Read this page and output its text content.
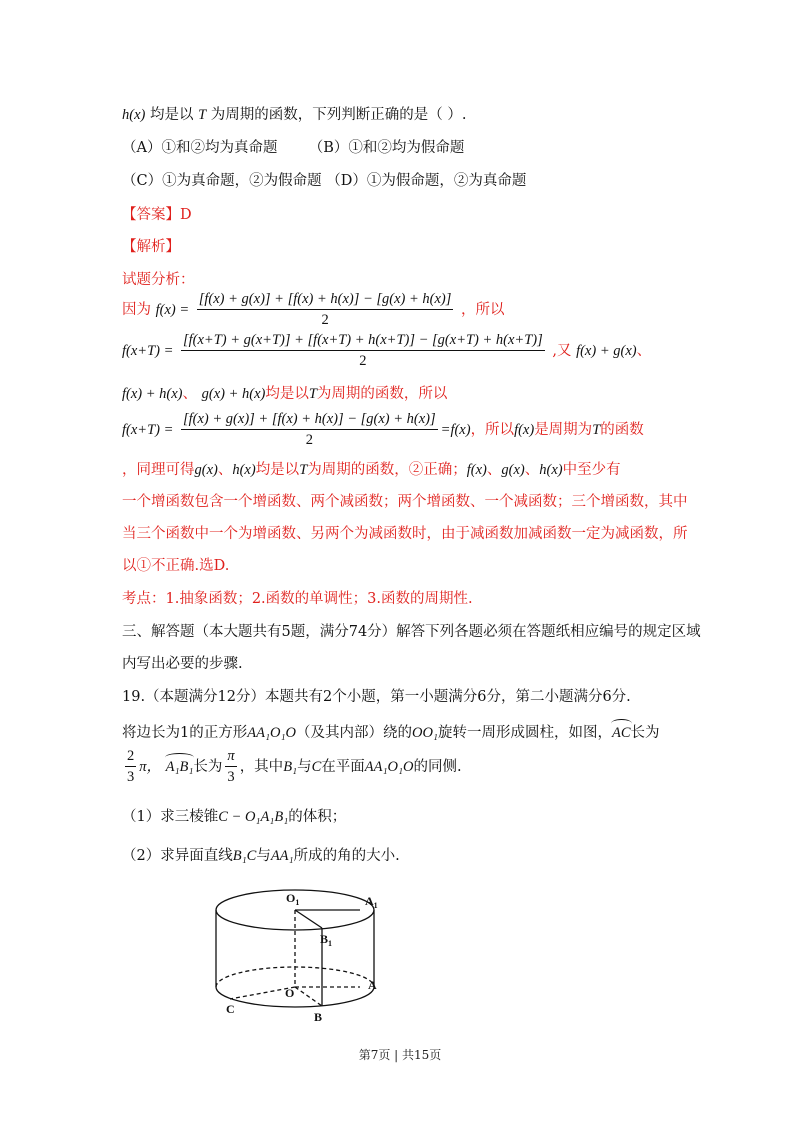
h(x) 均是以 T 为周期的函数，下列判断正确的是（ ）.
（A）①和②均为真命题 （B）①和②均为假命题
（C）①为真命题，②为假命题 （D）①为假命题，②为真命题
【答案】D
【解析】
试题分析：
因为 $f(x) = \frac{[f(x) + g(x)] + [f(x) + h(x)] - [g(x) + h(x)]}{2}$ ，所以
$f(x+T) = \frac{[f(x+T) + g(x+T)] + [f(x+T) + h(x+T)] - [g(x+T) + h(x+T)]}{2}$ ,又 f(x) + g(x)、
f(x) + h(x)、 g(x) + h(x)均是以T为周期的函数，所以
$f(x+T) = \frac{[f(x) + g(x)] + [f(x) + h(x)] - [g(x) + h(x)]}{2} =f(x)$，所以f(x)是周期为T的函数
，同理可得g(x)、h(x)均是以T为周期的函数，②正确；f(x)、g(x)、h(x)中至少有
一个增函数包含一个增函数、两个减函数；两个增函数、一个减函数；三个增函数，其中
当三个函数中一个为增函数、另两个为减函数时，由于减函数加减函数一定为减函数，所
以①不正确.选D.
考点：1.抽象函数；2.函数的单调性；3.函数的周期性.
三、解答题（本大题共有5题，满分74分）解答下列各题必须在答题纸相应编号的规定区域
内写出必要的步骤.
19.（本题满分12分）本题共有2个小题，第一小题满分6分，第二小题满分6分.
将边长为1的正方形AA₁O₁O（及其内部）绕的OO₁旋转一周形成圆柱，如图，AC长为
$\frac{2}{3}$ π， A₁B₁长为 $\frac{\pi}{3}$ ，其中B₁与C在平面AA₁O₁O的同侧.
（1）求三棱锥C − O₁A₁B₁的体积；
（2）求异面直线B₁C与AA₁所成的角的大小.
$O_1$	$A_1$
$B_1$
O
A
B
C
第7页 | 共15页
